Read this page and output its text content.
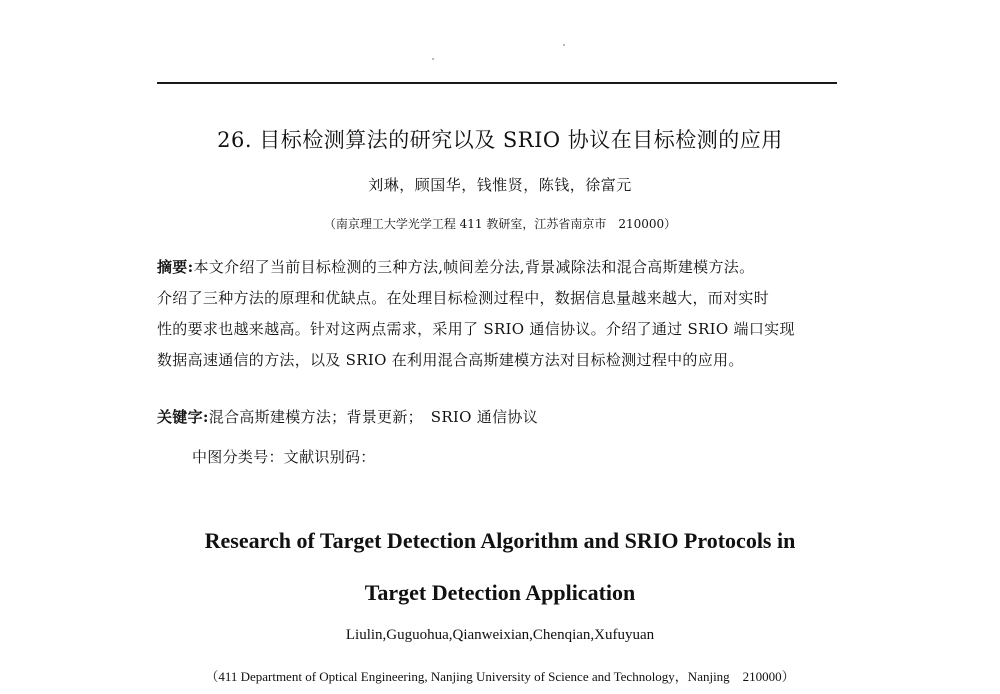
26. 目标检测算法的研究以及 SRIO 协议在目标检测的应用
刘琳，顾国华，钱惟贤，陈钱，徐富元
（南京理工大学光学工程 411 教研室，江苏省南京市　210000）
摘要:本文介绍了当前目标检测的三种方法,帧间差分法,背景减除法和混合高斯建模方法。
介绍了三种方法的原理和优缺点。在处理目标检测过程中，数据信息量越来越大，而对实时
性的要求也越来越高。针对这两点需求，采用了 SRIO 通信协议。介绍了通过 SRIO 端口实现
数据高速通信的方法，以及 SRIO 在利用混合高斯建模方法对目标检测过程中的应用。
关键字:混合高斯建模方法；背景更新；　SRIO 通信协议
中图分类号：文献识别码：
Research of Target Detection Algorithm and SRIO Protocols in
Target Detection Application
Liulin,Guguohua,Qianweixian,Chenqian,Xufuyuan
（411 Department of Optical Engineering, Nanjing University of Science and Technology，Nanjing　210000）
